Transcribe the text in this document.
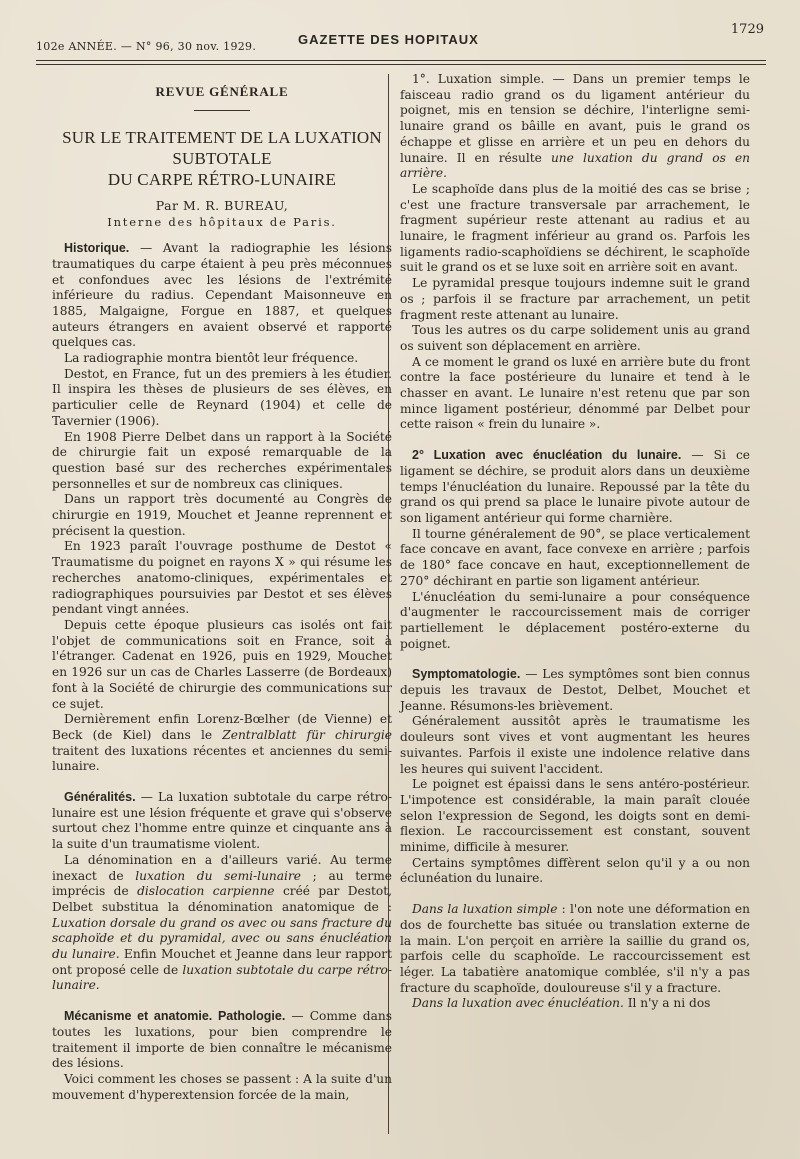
102e ANNÉE. — N° 96, 30 nov. 1929.	GAZETTE DES HOPITAUX
1729
REVUE GÉNÉRALE

SUR LE TRAITEMENT DE LA LUXATION SUBTOTALE

DU CARPE RÉTRO-LUNAIRE

Par M. R. BUREAU,
Interne des hôpitaux de Paris.

Historique. — Avant la radiographie les lésions traumatiques du carpe étaient à peu près méconnues et confondues avec les lésions de l'extrémité inférieure du radius. Cependant Maisonneuve en 1885, Malgaigne, Forgue en 1887, et quelques auteurs étrangers en avaient observé et rapporté quelques cas.

La radiographie montra bientôt leur fréquence.

Destot, en France, fut un des premiers à les étudier. Il inspira les thèses de plusieurs de ses élèves, en particulier celle de Reynard (1904) et celle de Tavernier (1906).

En 1908 Pierre Delbet dans un rapport à la Société de chirurgie fait un exposé remarquable de la question basé sur des recherches expérimentales personnelles et sur de nombreux cas cliniques.

Dans un rapport très documenté au Congrès de chirurgie en 1919, Mouchet et Jeanne reprennent et précisent la question.

En 1923 paraît l'ouvrage posthume de Destot « Traumatisme du poignet en rayons X » qui résume les recherches anatomo-cliniques, expérimentales et radiographiques poursuivies par Destot et ses élèves pendant vingt années.

Depuis cette époque plusieurs cas isolés ont fait l'objet de communications soit en France, soit à l'étranger. Cadenat en 1926, puis en 1929, Mouchet en 1926 sur un cas de Charles Lasserre (de Bordeaux) font à la Société de chirurgie des communications sur ce sujet.

Dernièrement enfin Lorenz-Bœlher (de Vienne) et Beck (de Kiel) dans le Zentralblatt für chirurgie traitent des luxations récentes et anciennes du semi-lunaire.

Généralités. — La luxation subtotale du carpe rétro-lunaire est une lésion fréquente et grave qui s'observe surtout chez l'homme entre quinze et cinquante ans à la suite d'un traumatisme violent.

La dénomination en a d'ailleurs varié. Au terme inexact de luxation du semi-lunaire ; au terme imprécis de dislocation carpienne créé par Destot, Delbet substitua la dénomination anatomique de : Luxation dorsale du grand os avec ou sans fracture du scaphoïde et du pyramidal, avec ou sans énucléation du lunaire. Enfin Mouchet et Jeanne dans leur rapport ont proposé celle de luxation subtotale du carpe rétro-lunaire.

Mécanisme et anatomie. Pathologie. — Comme dans toutes les luxations, pour bien comprendre le traitement il importe de bien connaître le mécanisme des lésions.

Voici comment les choses se passent : A la suite d'un mouvement d'hyperextension forcée de la main,

1°. Luxation simple. — Dans un premier temps le faisceau radio grand os du ligament antérieur du poignet, mis en tension se déchire, l'interligne semi-lunaire grand os bâille en avant, puis le grand os échappe et glisse en arrière et un peu en dehors du lunaire. Il en résulte une luxation du grand os en arrière.

Le scaphoïde dans plus de la moitié des cas se brise ; c'est une fracture transversale par arrachement, le fragment supérieur reste attenant au radius et au lunaire, le fragment inférieur au grand os. Parfois les ligaments radio-scaphoïdiens se déchirent, le scaphoïde suit le grand os et se luxe soit en arrière soit en avant.

Le pyramidal presque toujours indemne suit le grand os ; parfois il se fracture par arrachement, un petit fragment reste attenant au lunaire.

Tous les autres os du carpe solidement unis au grand os suivent son déplacement en arrière.

A ce moment le grand os luxé en arrière bute du front contre la face postérieure du lunaire et tend à le chasser en avant. Le lunaire n'est retenu que par son mince ligament postérieur, dénommé par Delbet pour cette raison « frein du lunaire ».

2° Luxation avec énucléation du lunaire. — Si ce ligament se déchire, se produit alors dans un deuxième temps l'énucléation du lunaire. Repoussé par la tête du grand os qui prend sa place le lunaire pivote autour de son ligament antérieur qui forme charnière.

Il tourne généralement de 90°, se place verticalement face concave en avant, face convexe en arrière ; parfois de 180° face concave en haut, exceptionnellement de 270° déchirant en partie son ligament antérieur.

L'énucléation du semi-lunaire a pour conséquence d'augmenter le raccourcissement mais de corriger partiellement le déplacement postéro-externe du poignet.

Symptomatologie. — Les symptômes sont bien connus depuis les travaux de Destot, Delbet, Mouchet et Jeanne. Résumons-les brièvement.

Généralement aussitôt après le traumatisme les douleurs sont vives et vont augmentant les heures suivantes. Parfois il existe une indolence relative dans les heures qui suivent l'accident.

Le poignet est épaissi dans le sens antéro-postérieur. L'impotence est considérable, la main paraît clouée selon l'expression de Segond, les doigts sont en demi-flexion. Le raccourcissement est constant, souvent minime, difficile à mesurer.

Certains symptômes diffèrent selon qu'il y a ou non éclunéation du lunaire.

Dans la luxation simple : l'on note une déformation en dos de fourchette bas située ou translation externe de la main. L'on perçoit en arrière la saillie du grand os, parfois celle du scaphoïde. Le raccourcissement est léger. La tabatière anatomique comblée, s'il n'y a pas fracture du scaphoïde, douloureuse s'il y a fracture.

Dans la luxation avec énucléation. Il n'y a ni dos
